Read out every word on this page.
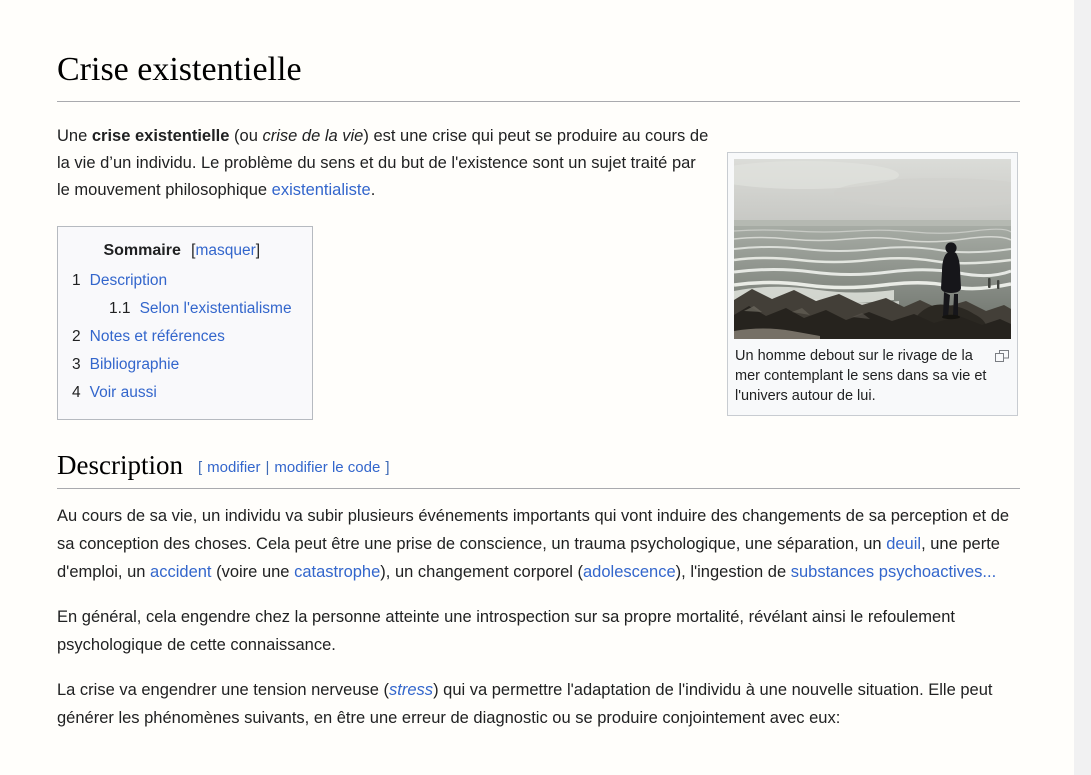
Crise existentielle
Un homme debout sur le rivage de la mer contemplant le sens dans sa vie et l'univers autour de lui.

Une crise existentielle (ou crise de la vie) est une crise qui peut se produire au cours de la vie d’un individu. Le problème du sens et du but de l'existence sont un sujet traité par le mouvement philosophique existentialiste.

Sommaire [masquer]
1 Description
1.1 Selon l'existentialisme
2 Notes et références
3 Bibliographie
4 Voir aussi
Description [ modifier | modifier le code ]

Au cours de sa vie, un individu va subir plusieurs événements importants qui vont induire des changements de sa perception et de sa conception des choses. Cela peut être une prise de conscience, un trauma psychologique, une séparation, un deuil, une perte d'emploi, un accident (voire une catastrophe), un changement corporel (adolescence), l'ingestion de substances psychoactives...

En général, cela engendre chez la personne atteinte une introspection sur sa propre mortalité, révélant ainsi le refoulement psychologique de cette connaissance.

La crise va engendrer une tension nerveuse (stress) qui va permettre l'adaptation de l'individu à une nouvelle situation. Elle peut générer les phénomènes suivants, en être une erreur de diagnostic ou se produire conjointement avec eux:
